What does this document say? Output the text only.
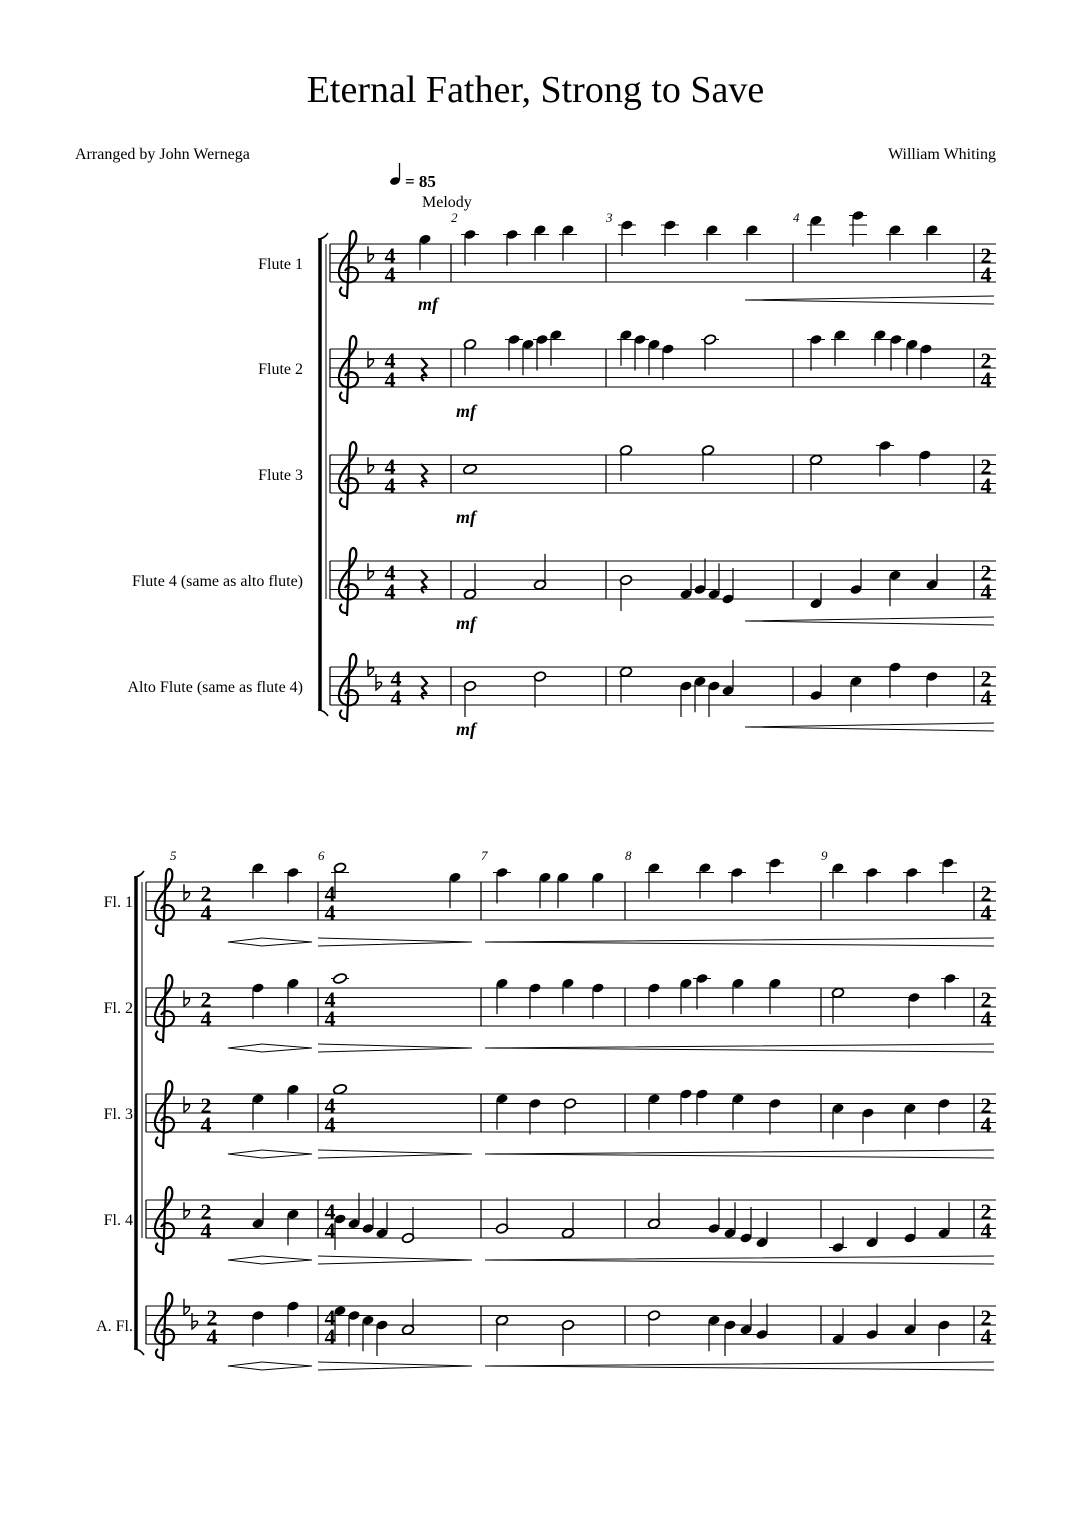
Eternal Father, Strong to Save
Arranged by John Wernega	William Whiting
= 85
Melody
Flute 1	4
4
2
4
mf
Flute 2	4
4
2
4
mf
Flute 3	4
4
2
4
mf
Flute 4 (same as alto flute)	4
4
2
4
mf
Alto Flute (same as flute 4)	4
4
2
4
mf
2	3	4
Fl. 1	2
4
2
4
4
4
Fl. 2	2
4
2
4
4
4
Fl. 3	2
4
2
4
4
4
Fl. 4	2
4
2
4
4
4
A. Fl.	2
4
2
4
4
4
5	6	7	8	9
